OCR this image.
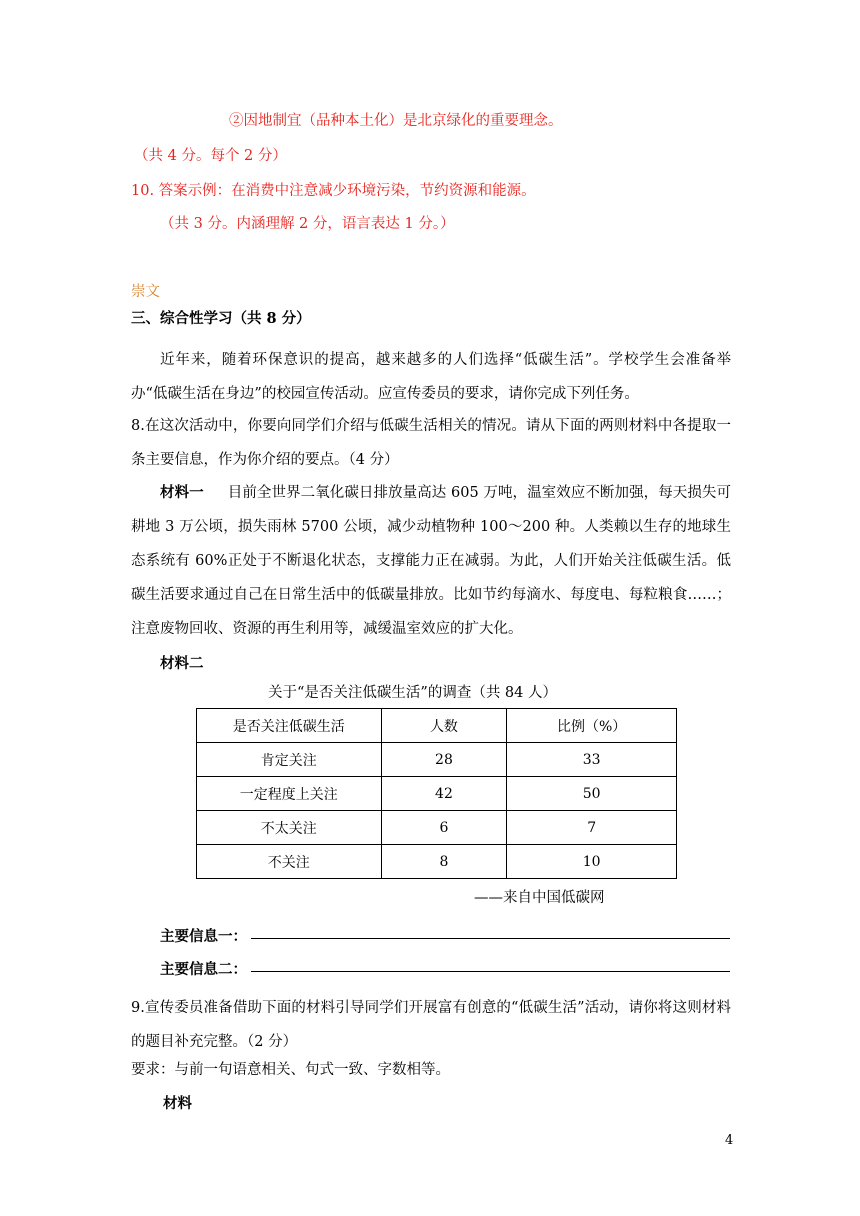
②因地制宜（品种本土化）是北京绿化的重要理念。
（共 4 分。每个 2 分）
10. 答案示例：在消费中注意减少环境污染，节约资源和能源。
（共 3 分。内涵理解 2 分，语言表达 1 分。）
崇文
三、综合性学习（共 8 分）
近年来，随着环保意识的提高，越来越多的人们选择“低碳生活”。学校学生会准备举办“低碳生活在身边”的校园宣传活动。应宣传委员的要求，请你完成下列任务。
8.在这次活动中，你要向同学们介绍与低碳生活相关的情况。请从下面的两则材料中各提取一条主要信息，作为你介绍的要点。（4 分）
材料一 目前全世界二氧化碳日排放量高达 605 万吨，温室效应不断加强，每天损失可耕地 3 万公顷，损失雨林 5700 公顷，减少动植物种 100～200 种。人类赖以生存的地球生态系统有 60%正处于不断退化状态，支撑能力正在减弱。为此，人们开始关注低碳生活。低碳生活要求通过自己在日常生活中的低碳量排放。比如节约每滴水、每度电、每粒粮食……；注意废物回收、资源的再生利用等，减缓温室效应的扩大化。
材料二
关于“是否关注低碳生活”的调查（共 84 人）
是否关注低碳生活	人数	比例（%）
肯定关注	28	33
一定程度上关注	42	50
不太关注	6	7
不关注	8	10
——来自中国低碳网
主要信息一：
主要信息二：
9.宣传委员准备借助下面的材料引导同学们开展富有创意的“低碳生活”活动，请你将这则材料的题目补充完整。（2 分）
要求：与前一句语意相关、句式一致、字数相等。
材料
4
